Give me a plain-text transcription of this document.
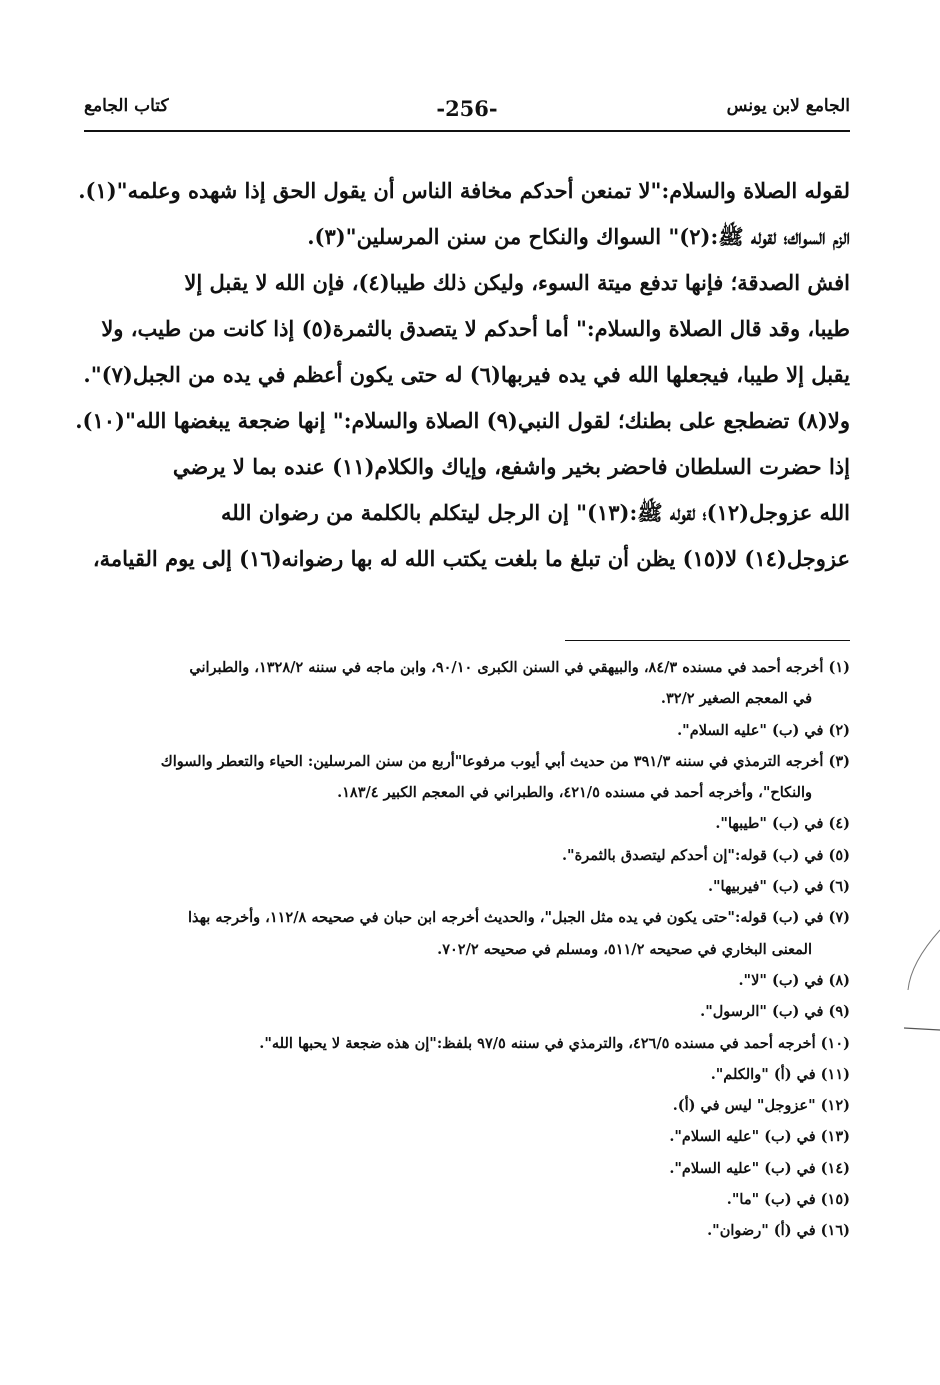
الجامع لابن يونس
-256-
كتاب الجامع
لقوله الصلاة والسلام:"لا تمنعن أحدكم مخافة الناس أن يقول الحق إذا شهده وعلمه"(١).
الزم السواك؛ لقوله ﷺ:(٢)" السواك والنكاح من سنن المرسلين"(٣).
افش الصدقة؛ فإنها تدفع ميتة السوء، وليكن ذلك طيبا(٤)، فإن الله لا يقبل إلا
طيبا، وقد قال الصلاة والسلام:" أما أحدكم لا يتصدق بالثمرة(٥) إذا كانت من طيب، ولا
يقبل إلا طيبا، فيجعلها الله في يده فيربها(٦) له حتى يكون أعظم في يده من الجبل(٧)".
ولا(٨) تضطجع على بطنك؛ لقول النبي(٩) الصلاة والسلام:" إنها ضجعة يبغضها الله"(١٠).
إذا حضرت السلطان فاحضر بخير واشفع، وإياك والكلام(١١) عنده بما لا يرضي
الله عزوجل(١٢)؛ لقوله ﷺ:(١٣)" إن الرجل ليتكلم بالكلمة من رضوان الله
عزوجل(١٤) لا(١٥) يظن أن تبلغ ما بلغت يكتب الله له بها رضوانه(١٦) إلى يوم القيامة،
(١) أخرجه أحمد في مسنده ٨٤/٣، والبيهقي في السنن الكبرى ٩٠/١٠، وابن ماجه في سننه ١٣٢٨/٢، والطبراني
في المعجم الصغير ٣٢/٢.
(٢) في (ب) "عليه السلام".
(٣) أخرجه الترمذي في سننه ٣٩١/٣ من حديث أبي أيوب مرفوعا"أربع من سنن المرسلين: الحياء والتعطر والسواك
والنكاح"، وأخرجه أحمد في مسنده ٤٢١/٥، والطبراني في المعجم الكبير ١٨٣/٤.
(٤) في (ب) "طيبها".
(٥) في (ب) قوله:"إن أحدكم ليتصدق بالثمرة".
(٦) في (ب) "فيربيها".
(٧) في (ب) قوله:"حتى يكون في يده مثل الجبل"، والحديث أخرجه ابن حبان في صحيحه ١١٢/٨، وأخرجه بهذا
المعنى البخاري في صحيحه ٥١١/٢، ومسلم في صحيحه ٧٠٢/٢.
(٨) في (ب) "لا".
(٩) في (ب) "الرسول".
(١٠) أخرجه أحمد في مسنده ٤٢٦/٥، والترمذي في سننه ٩٧/٥ بلفظ:"إن هذه ضجعة لا يحبها الله".
(١١) في (أ) "والكلم".
(١٢) "عزوجل" ليس في (أ).
(١٣) في (ب) "عليه السلام".
(١٤) في (ب) "عليه السلام".
(١٥) في (ب) "ما".
(١٦) في (أ) "رضوان".
